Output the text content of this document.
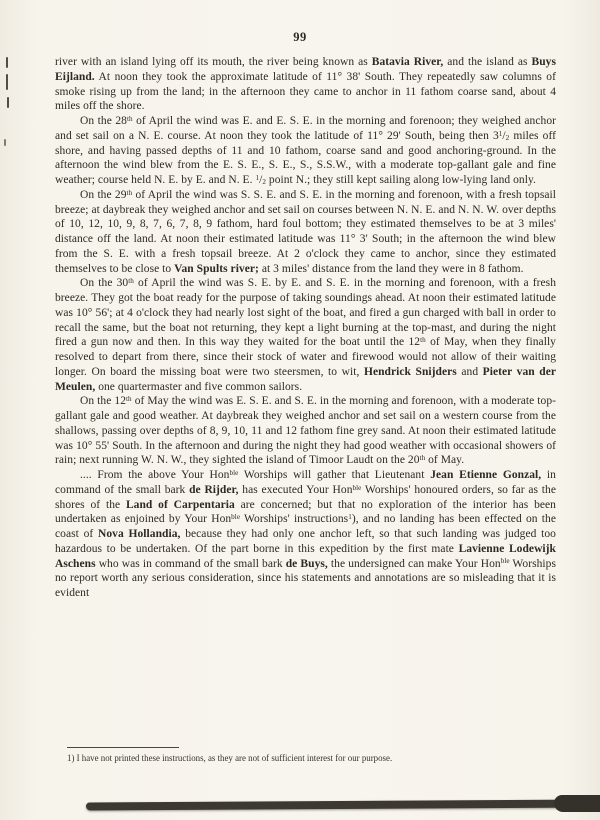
99

river with an island lying off its mouth, the river being known as Batavia River, and the island as Buys Eijland. At noon they took the approximate latitude of 11° 38' South. They repeatedly saw columns of smoke rising up from the land; in the afternoon they came to anchor in 11 fathom coarse sand, about 4 miles off the shore.

On the 28th of April the wind was E. and E. S. E. in the morning and forenoon; they weighed anchor and set sail on a N. E. course. At noon they took the latitude of 11° 29' South, being then $3^1/_2$ miles off shore, and having passed depths of 11 and 10 fathom, coarse sand and good anchoring-ground. In the afternoon the wind blew from the E. S. E., S. E., S., S.S.W., with a moderate top-gallant gale and fine weather; course held N. E. by E. and N. E. $^1/_2$ point N.; they still kept sailing along low-lying land only.

On the 29th of April the wind was S. S. E. and S. E. in the morning and forenoon, with a fresh topsail breeze; at daybreak they weighed anchor and set sail on courses between N. N. E. and N. N. W. over depths of 10, 12, 10, 9, 8, 7, 6, 7, 8, 9 fathom, hard foul bottom; they estimated themselves to be at 3 miles' distance off the land. At noon their estimated latitude was 11° 3' South; in the afternoon the wind blew from the S. E. with a fresh topsail breeze. At 2 o'clock they came to anchor, since they estimated themselves to be close to Van Spults river; at 3 miles' distance from the land they were in 8 fathom.

On the 30th of April the wind was S. E. by E. and S. E. in the morning and forenoon, with a fresh breeze. They got the boat ready for the purpose of taking soundings ahead. At noon their estimated latitude was 10° 56'; at 4 o'clock they had nearly lost sight of the boat, and fired a gun charged with ball in order to recall the same, but the boat not returning, they kept a light burning at the top-mast, and during the night fired a gun now and then. In this way they waited for the boat until the 12th of May, when they finally resolved to depart from there, since their stock of water and firewood would not allow of their waiting longer. On board the missing boat were two steersmen, to wit, Hendrick Snijders and Pieter van der Meulen, one quartermaster and five common sailors.

On the 12th of May the wind was E. S. E. and S. E. in the morning and forenoon, with a moderate top-gallant gale and good weather. At daybreak they weighed anchor and set sail on a western course from the shallows, passing over depths of 8, 9, 10, 11 and 12 fathom fine grey sand. At noon their estimated latitude was 10° 55' South. In the afternoon and during the night they had good weather with occasional showers of rain; next running W. N. W., they sighted the island of Timoor Laudt on the 20th of May.

.... From the above Your Hon$^{ble}$ Worships will gather that Lieutenant Jean Etienne Gonzal, in command of the small bark de Rijder, has executed Your Hon$^{ble}$ Worships' honoured orders, so far as the shores of the Land of Carpentaria are concerned; but that no exploration of the interior has been undertaken as enjoined by Your Hon$^{ble}$ Worships' instructions$^1$), and no landing has been effected on the coast of Nova Hollandia, because they had only one anchor left, so that such landing was judged too hazardous to be undertaken. Of the part borne in this expedition by the first mate Lavienne Lodewijk Aschens who was in command of the small bark de Buys, the undersigned can make Your Hon$^{ble}$ Worships no report worth any serious consideration, since his statements and annotations are so misleading that it is evident

1) I have not printed these instructions, as they are not of sufficient interest for our purpose.
